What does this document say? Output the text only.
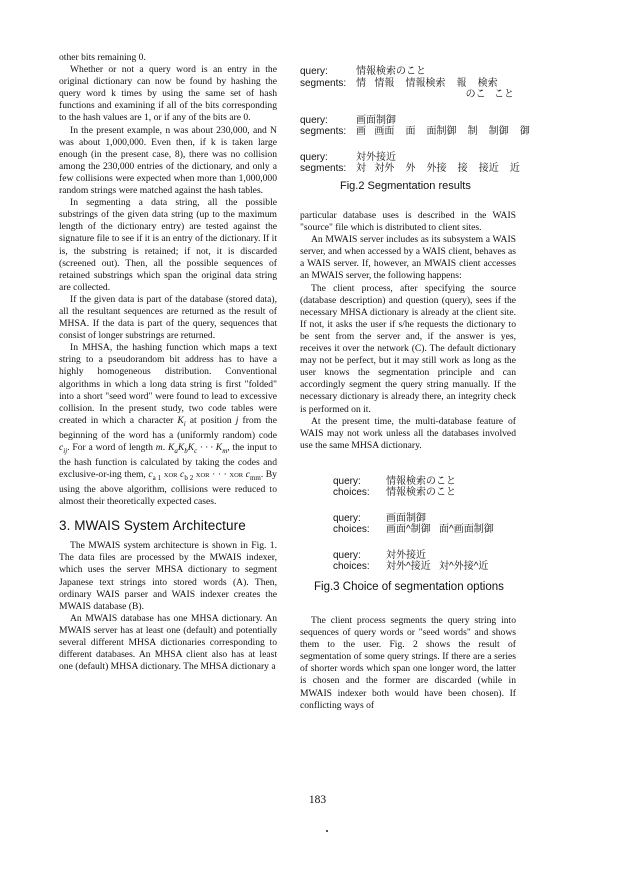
other bits remaining 0.

Whether or not a query word is an entry in the original dictionary can now be found by hashing the query word k times by using the same set of hash functions and examining if all of the bits corresponding to the hash values are 1, or if any of the bits are 0.

In the present example, n was about 230,000, and N was about 1,000,000. Even then, if k is taken large enough (in the present case, 8), there was no collision among the 230,000 entries of the dictionary, and only a few collisions were expected when more than 1,000,000 random strings were matched against the hash tables.

In segmenting a data string, all the possible substrings of the given data string (up to the maximum length of the dictionary entry) are tested against the signature file to see if it is an entry of the dictionary. If it is, the substring is retained; if not, it is discarded (screened out). Then, all the possible sequences of retained substrings which span the original data string are collected.

If the given data is part of the database (stored data), all the resultant sequences are returned as the result of MHSA. If the data is part of the query, sequences that consist of longer substrings are returned.

In MHSA, the hashing function which maps a text string to a pseudorandom bit address has to have a highly homogeneous distribution. Conventional algorithms in which a long data string is first "folded" into a short "seed word" were found to lead to excessive collision. In the present study, two code tables were created in which a character $K_i$ at position j from the beginning of the word has a (uniformly random) code $c_{ij}$. For a word of length m. $K_aK_bK_c$ · · · $K_m$, the input to the hash function is calculated by taking the codes and exclusive-or-ing them, $c_{a 1}$ XOR $c_{b 2}$ XOR · · · XOR $c_{mm}$. By using the above algorithm, collisions were reduced to almost their theoretically expected cases.

3. MWAIS System Architecture

The MWAIS system architecture is shown in Fig. 1. The data files are processed by the MWAIS indexer, which uses the server MHSA dictionary to segment Japanese text strings into stored words (A). Then, ordinary WAIS parser and WAIS indexer creates the MWAIS database (B).

An MWAIS database has one MHSA dictionary. An MWAIS server has at least one (default) and potentially several different MHSA dictionaries corresponding to different databases. An MHSA client also has at least one (default) MHSA dictionary. The MHSA dictionary a

query:	情報検索のこと
segments: 情   情報    情報検索    報    検索
のこ   こと
query:	画面制御
segments: 画   画面    面    面制御    制    制御    御
query:	対外接近
segments: 対   対外    外    外接    接    接近    近
Fig.2 Segmentation results

particular database uses is described in the WAIS "source" file which is distributed to client sites.

An MWAIS server includes as its subsystem a WAIS server, and when accessed by a WAIS client, behaves as a WAIS server. If, however, an MWAIS client accesses an MWAIS server, the following happens:

The client process, after specifying the source (database description) and question (query), sees if the necessary MHSA dictionary is already at the client site. If not, it asks the user if s/he requests the dictionary to be sent from the server and, if the answer is yes, receives it over the network (C). The default dictionary may not be perfect, but it may still work as long as the user knows the segmentation principle and can accordingly segment the query string manually. If the necessary dictionary is already there, an integrity check is performed on it.

At the present time, the multi-database feature of WAIS may not work unless all the databases involved use the same MHSA dictionary.

query:	情報検索のこと
choices:	情報検索のこと
query:	画面制御
choices:	画面^制御   面^画面制御
query:	対外接近
choices:	対外^接近   対^外接^近
Fig.3 Choice of segmentation options

The client process segments the query string into sequences of query words or "seed words" and shows them to the user. Fig. 2 shows the result of segmentation of some query strings. If there are a series of shorter words which span one longer word, the latter is chosen and the former are discarded (while in MWAIS indexer both would have been chosen). If conflicting ways of

183
